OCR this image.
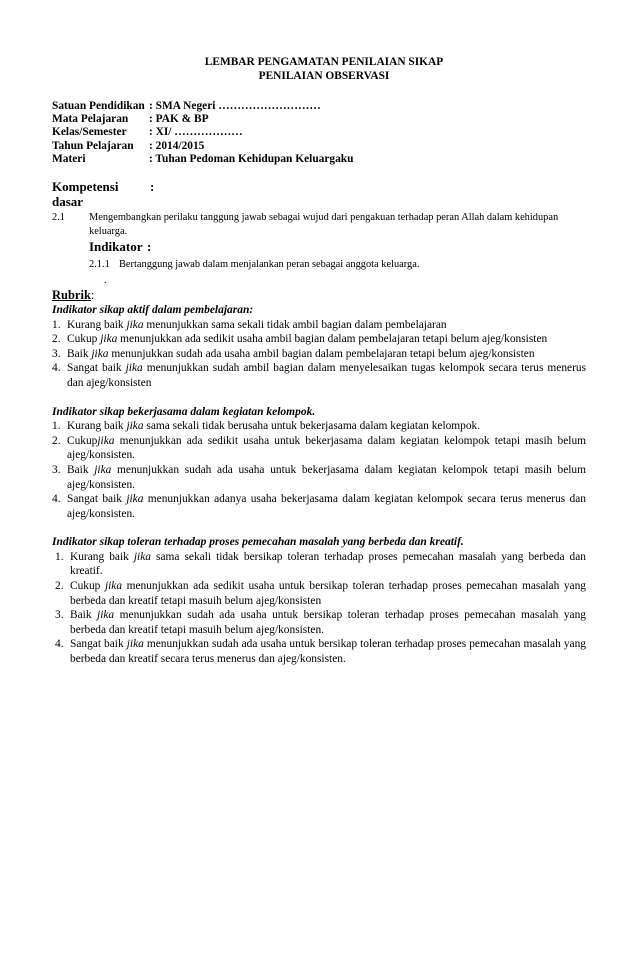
LEMBAR PENGAMATAN PENILAIAN SIKAP
PENILAIAN OBSERVASI
Satuan Pendidikan : SMA Negeri ………………………
Mata Pelajaran	: PAK & BP
Kelas/Semester	: XI/ ………………
Tahun Pelajaran	: 2014/2015
Materi	: Tuhan Pedoman Kehidupan Keluargaku
Kompetensi dasar
:
2.1	Mengembangkan perilaku tanggung jawab sebagai wujud dari pengakuan terhadap peran Allah dalam kehidupan keluarga.
Indikator :
2.1.1 Bertanggung jawab dalam menjalankan peran sebagai anggota keluarga.
.
Rubrik:
Indikator sikap aktif dalam pembelajaran:
1. Kurang baik jika menunjukkan sama sekali tidak ambil bagian dalam pembelajaran
2. Cukup jika menunjukkan ada sedikit usaha ambil bagian dalam pembelajaran tetapi belum ajeg/konsisten
3. Baik jika menunjukkan sudah ada usaha ambil bagian dalam pembelajaran tetapi belum ajeg/konsisten
4. Sangat baik jika menunjukkan sudah ambil bagian dalam menyelesaikan tugas kelompok secara terus menerus dan ajeg/konsisten
Indikator sikap bekerjasama dalam kegiatan kelompok.
1. Kurang baik jika sama sekali tidak berusaha untuk bekerjasama dalam kegiatan kelompok.
2. Cukupjika menunjukkan ada sedikit usaha untuk bekerjasama dalam kegiatan kelompok tetapi masih belum ajeg/konsisten.
3. Baik jika menunjukkan sudah ada usaha untuk bekerjasama dalam kegiatan kelompok tetapi masih belum ajeg/konsisten.
4. Sangat baik jika menunjukkan adanya usaha bekerjasama dalam kegiatan kelompok secara terus menerus dan ajeg/konsisten.
Indikator sikap toleran terhadap proses pemecahan masalah yang berbeda dan kreatif.
1. Kurang baik jika sama sekali tidak bersikap toleran terhadap proses pemecahan masalah yang berbeda dan kreatif.
2. Cukup jika menunjukkan ada sedikit usaha untuk bersikap toleran terhadap proses pemecahan masalah yang berbeda dan kreatif tetapi masuih belum ajeg/konsisten
3. Baik jika menunjukkan sudah ada usaha untuk bersikap toleran terhadap proses pemecahan masalah yang berbeda dan kreatif tetapi masuih belum ajeg/konsisten.
4. Sangat baik jika menunjukkan sudah ada usaha untuk bersikap toleran terhadap proses pemecahan masalah yang berbeda dan kreatif secara terus menerus dan ajeg/konsisten.
